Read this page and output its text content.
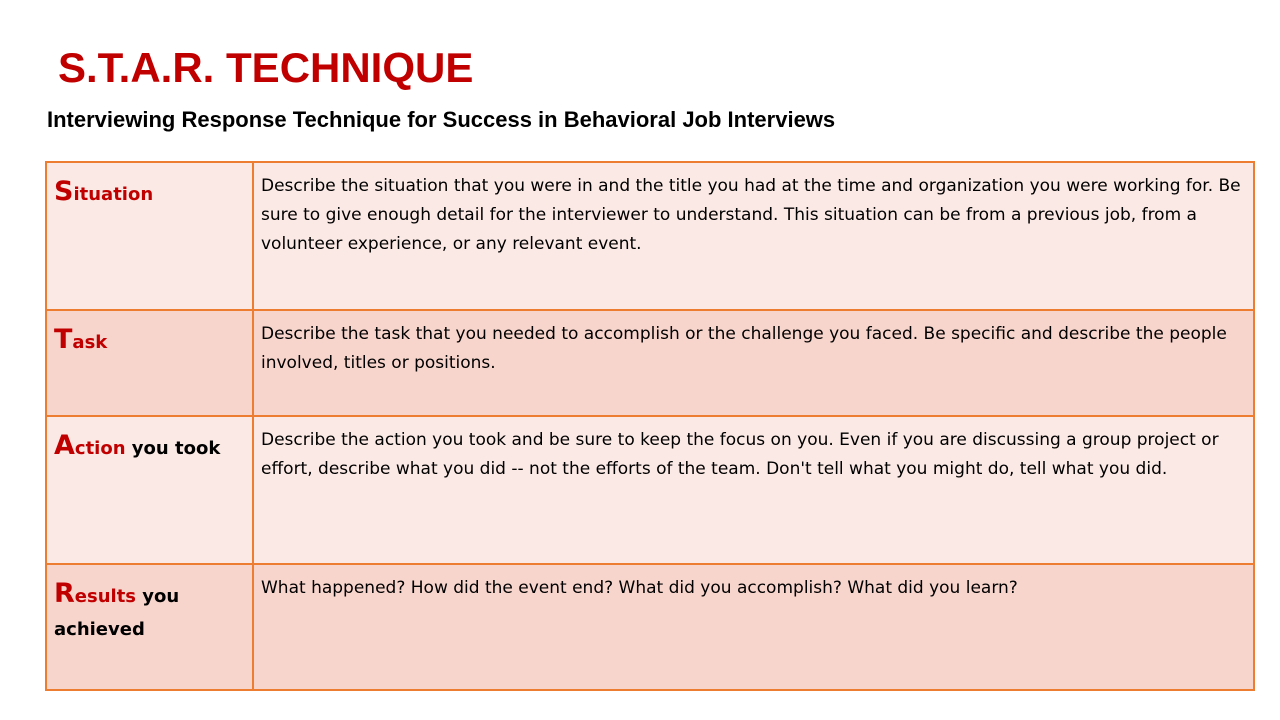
S.T.A.R. TECHNIQUE
Interviewing Response Technique for Success in Behavioral Job Interviews
Situation	Describe the situation that you were in and the title you had at the time and organization you were working for. Be sure to give enough detail for the interviewer to understand. This situation can be from a previous job, from a volunteer experience, or any relevant event.
Task	Describe the task that you needed to accomplish or the challenge you faced. Be specific and describe the people involved, titles or positions.
Action you took	Describe the action you took and be sure to keep the focus on you. Even if you are discussing a group project or effort, describe what you did -- not the efforts of the team. Don't tell what you might do, tell what you did.
Results you achieved	What happened? How did the event end? What did you accomplish? What did you learn?
